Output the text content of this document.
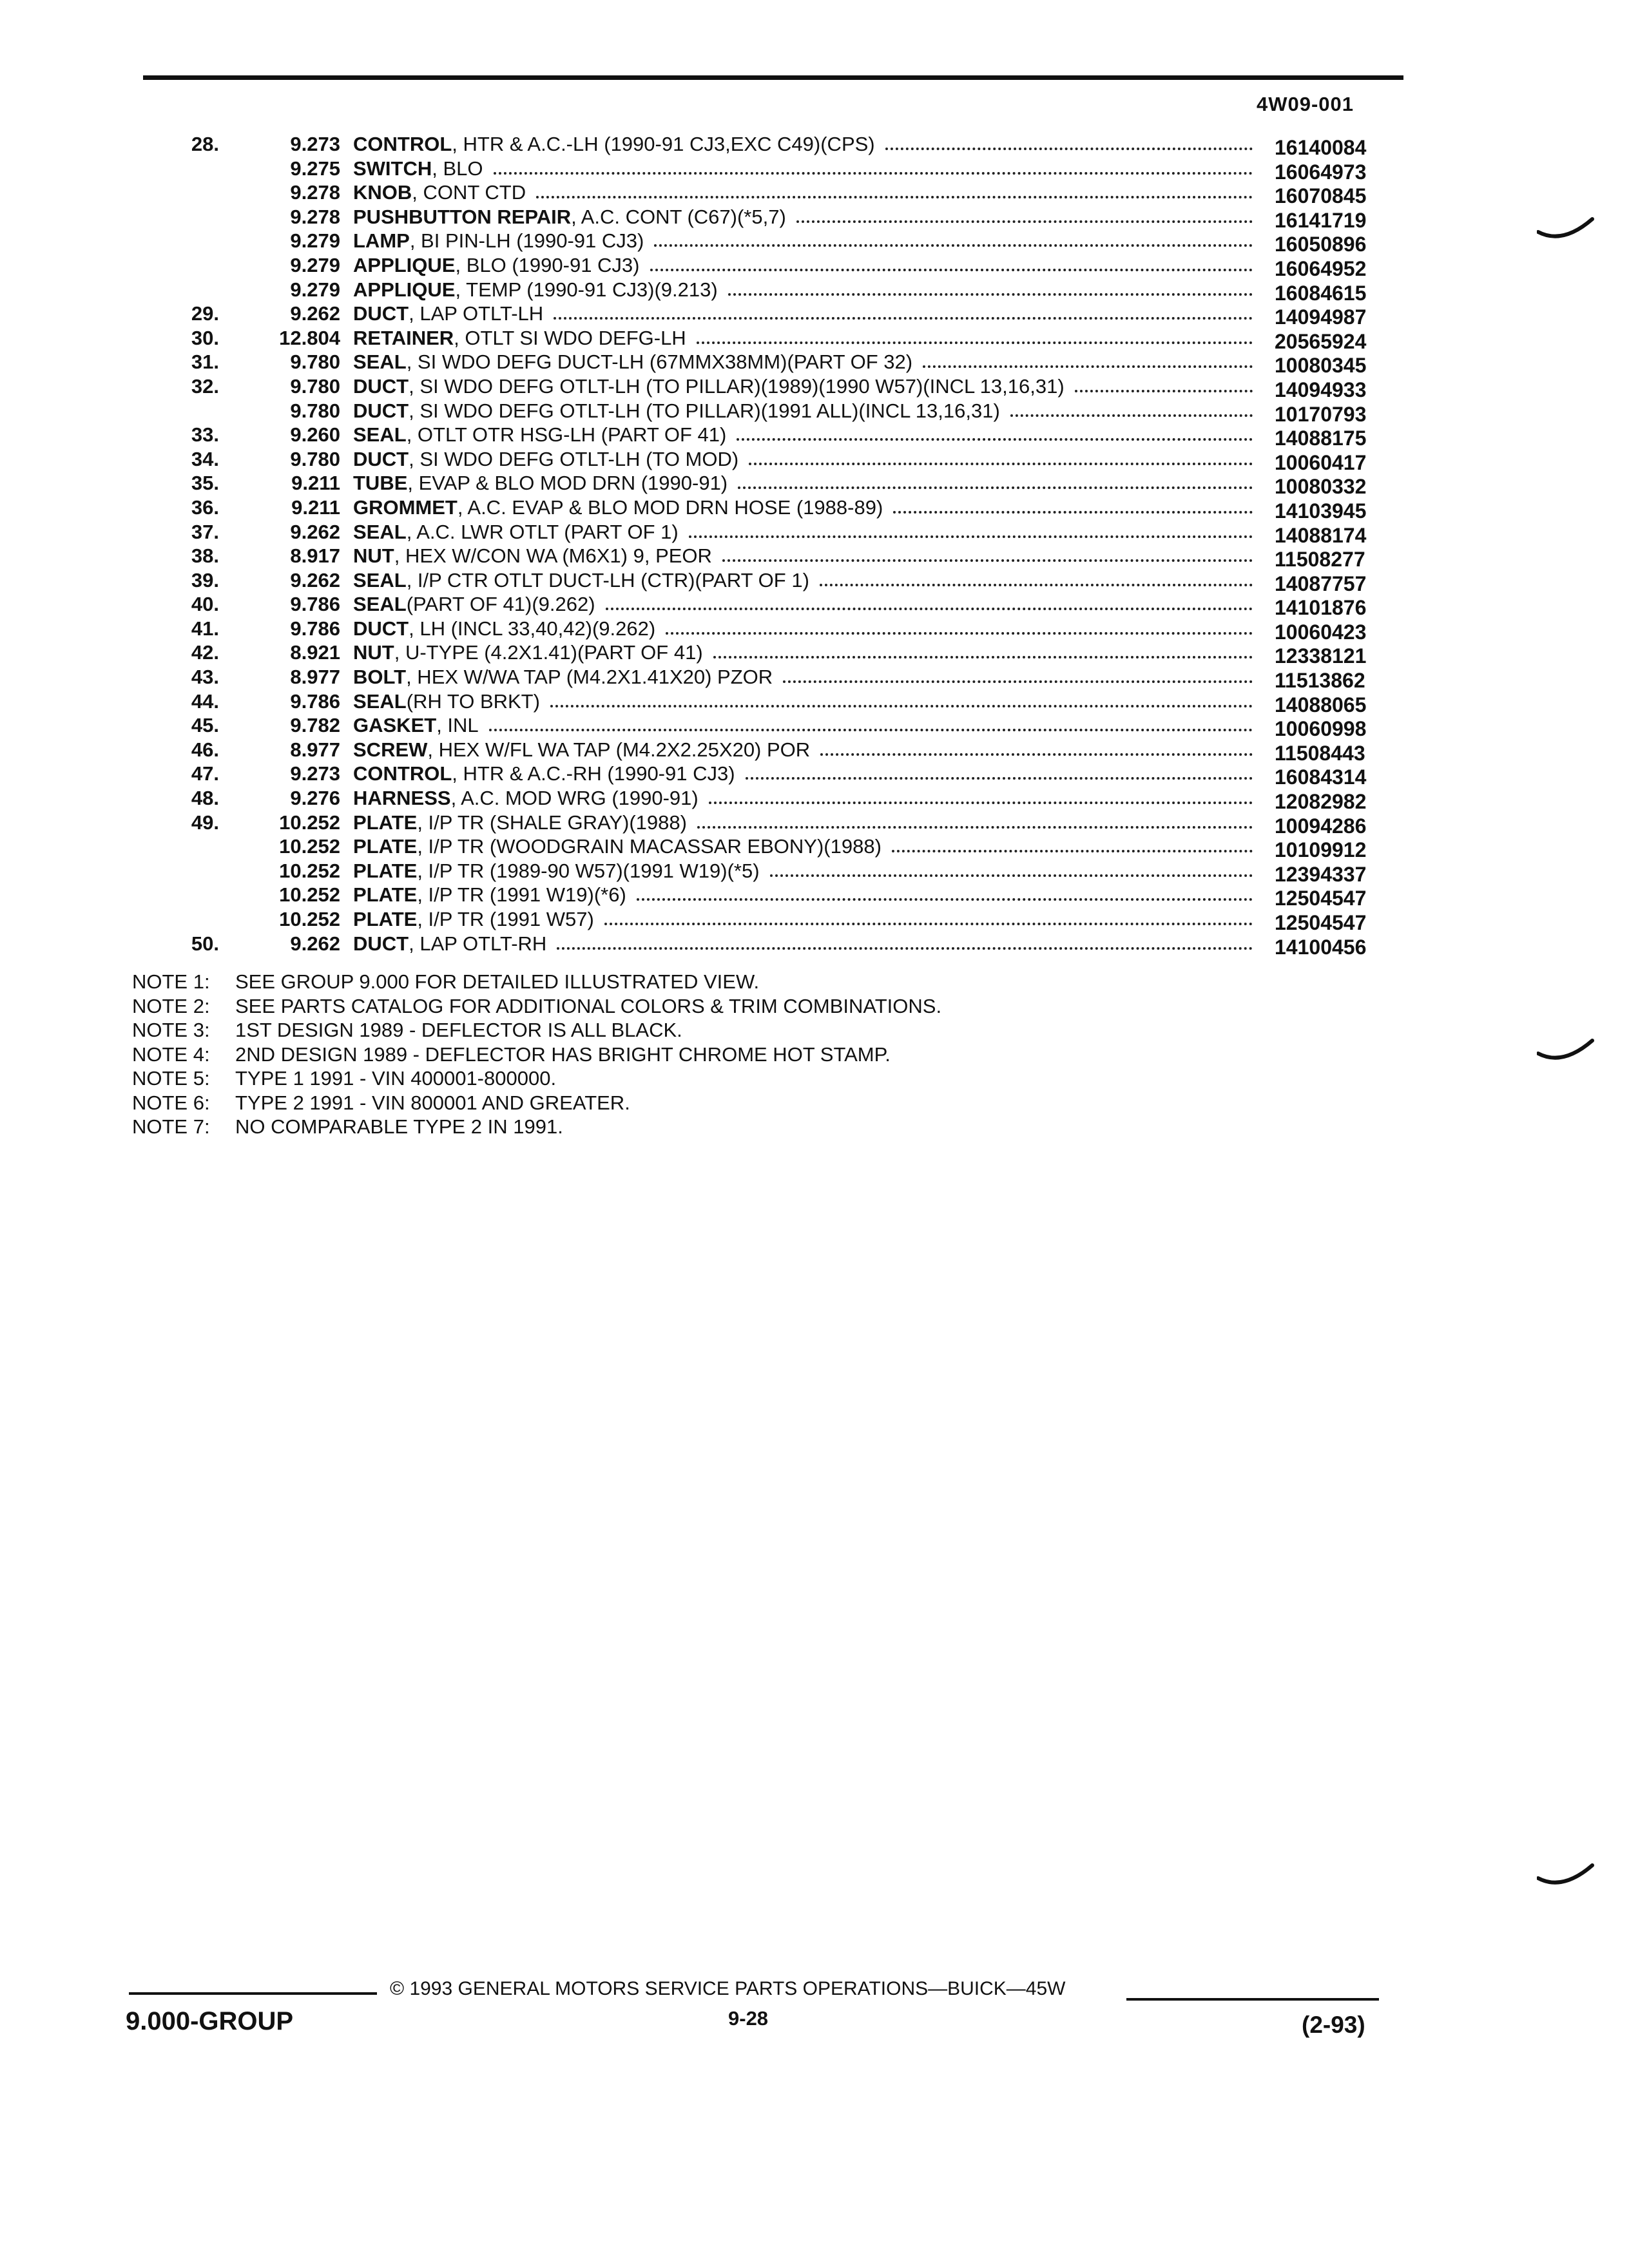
4W09-001
28.	9.273 CONTROL , HTR & A.C.-LH (1990-91 CJ3,EXC C49)(CPS)	16140084
9.275 SWITCH , BLO	16064973
9.278 KNOB , CONT CTD	16070845
9.278 PUSHBUTTON REPAIR , A.C. CONT (C67)(*5,7)	16141719
9.279 LAMP , BI PIN-LH (1990-91 CJ3)	16050896
9.279 APPLIQUE , BLO (1990-91 CJ3)	16064952
9.279 APPLIQUE , TEMP (1990-91 CJ3)(9.213)	16084615
29.	9.262 DUCT , LAP OTLT-LH	14094987
30.	12.804 RETAINER , OTLT SI WDO DEFG-LH	20565924
31.	9.780 SEAL , SI WDO DEFG DUCT-LH (67MMX38MM)(PART OF 32)	10080345
32.	9.780 DUCT , SI WDO DEFG OTLT-LH (TO PILLAR)(1989)(1990 W57)(INCL 13,16,31)	14094933
9.780 DUCT , SI WDO DEFG OTLT-LH (TO PILLAR)(1991 ALL)(INCL 13,16,31)	10170793
33.	9.260 SEAL , OTLT OTR HSG-LH (PART OF 41)	14088175
34.	9.780 DUCT , SI WDO DEFG OTLT-LH (TO MOD)	10060417
35.	9.211 TUBE , EVAP & BLO MOD DRN (1990-91)	10080332
36.	9.211 GROMMET , A.C. EVAP & BLO MOD DRN HOSE (1988-89)	14103945
37.	9.262 SEAL , A.C. LWR OTLT (PART OF 1)	14088174
38.	8.917 NUT , HEX W/CON WA (M6X1) 9, PEOR	11508277
39.	9.262 SEAL , I/P CTR OTLT DUCT-LH (CTR)(PART OF 1)	14087757
40.	9.786 SEAL (PART OF 41)(9.262)	14101876
41.	9.786 DUCT , LH (INCL 33,40,42)(9.262)	10060423
42.	8.921 NUT , U-TYPE (4.2X1.41)(PART OF 41)	12338121
43.	8.977 BOLT , HEX W/WA TAP (M4.2X1.41X20) PZOR	11513862
44.	9.786 SEAL (RH TO BRKT)	14088065
45.	9.782 GASKET , INL	10060998
46.	8.977 SCREW , HEX W/FL WA TAP (M4.2X2.25X20) POR	11508443
47.	9.273 CONTROL , HTR & A.C.-RH (1990-91 CJ3)	16084314
48.	9.276 HARNESS , A.C. MOD WRG (1990-91)	12082982
49.	10.252 PLATE , I/P TR (SHALE GRAY)(1988)	10094286
10.252 PLATE , I/P TR (WOODGRAIN MACASSAR EBONY)(1988)	10109912
10.252 PLATE , I/P TR (1989-90 W57)(1991 W19)(*5)	12394337
10.252 PLATE , I/P TR (1991 W19)(*6)	12504547
10.252 PLATE , I/P TR (1991 W57)	12504547
50.	9.262 DUCT , LAP OTLT-RH	14100456
NOTE 1: SEE GROUP 9.000 FOR DETAILED ILLUSTRATED VIEW.
NOTE 2: SEE PARTS CATALOG FOR ADDITIONAL COLORS & TRIM COMBINATIONS.
NOTE 3: 1ST DESIGN 1989 - DEFLECTOR IS ALL BLACK.
NOTE 4: 2ND DESIGN 1989 - DEFLECTOR HAS BRIGHT CHROME HOT STAMP.
NOTE 5: TYPE 1 1991 - VIN 400001-800000.
NOTE 6: TYPE 2 1991 - VIN 800001 AND GREATER.
NOTE 7: NO COMPARABLE TYPE 2 IN 1991.
© 1993 GENERAL MOTORS SERVICE PARTS OPERATIONS—BUICK—45W
9.000-GROUP	9-28	(2-93)
